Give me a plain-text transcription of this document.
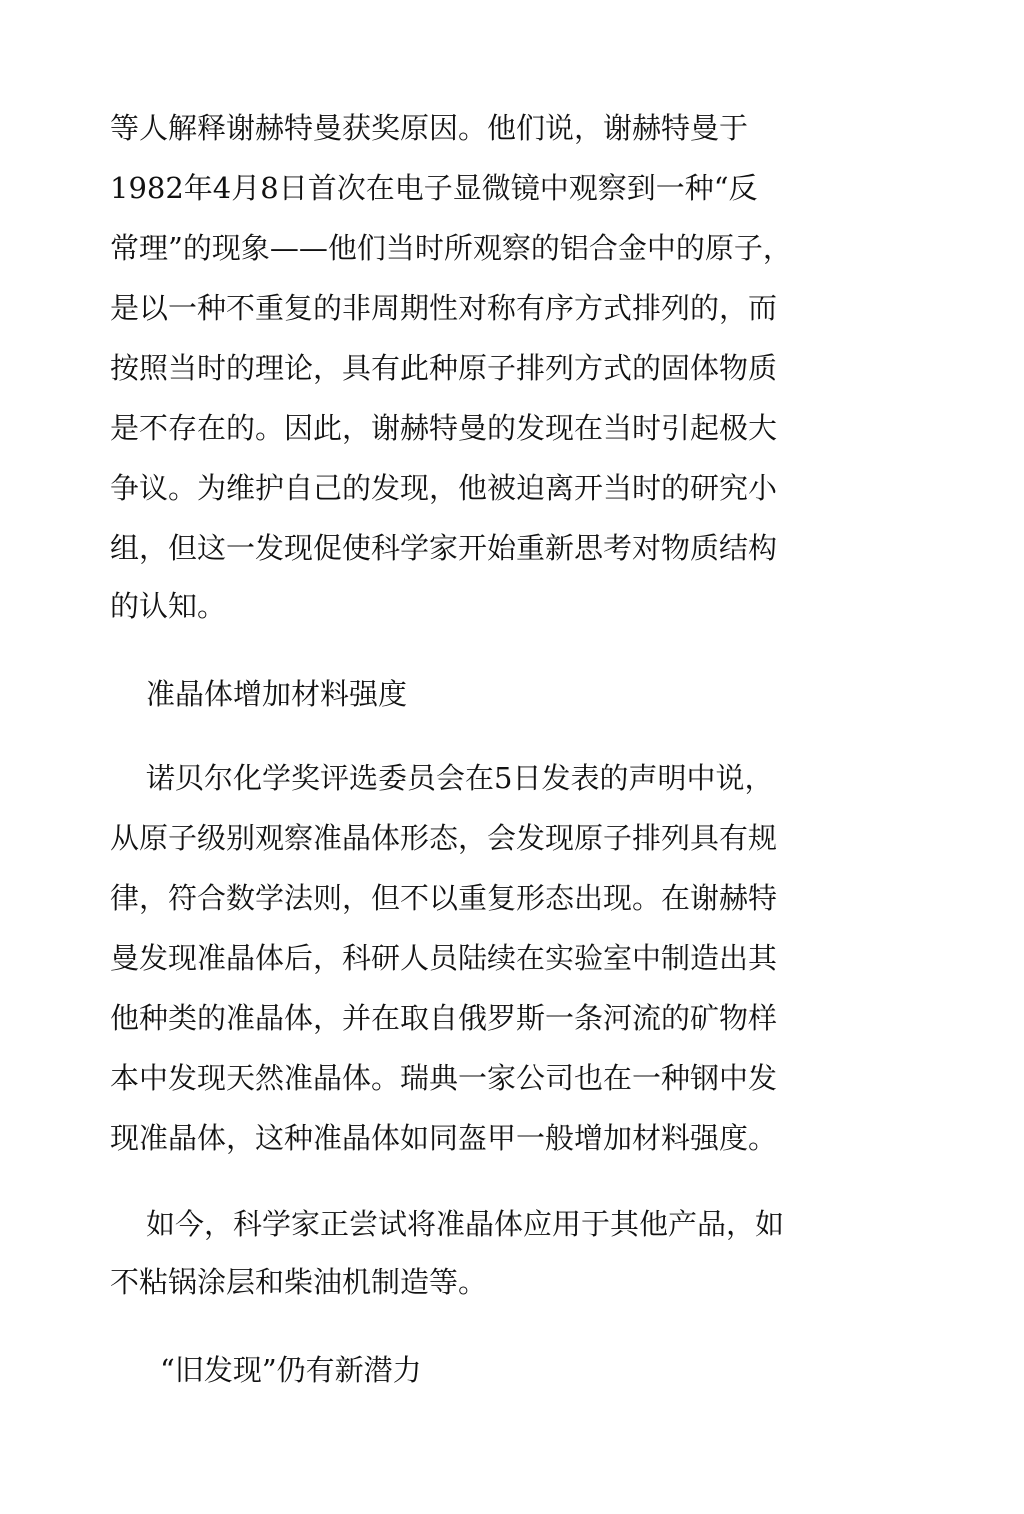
等人解释谢赫特曼获奖原因。他们说，谢赫特曼于
1982年4月8日首次在电子显微镜中观察到一种“反
常理”的现象——他们当时所观察的铝合金中的原子，
是以一种不重复的非周期性对称有序方式排列的，而
按照当时的理论，具有此种原子排列方式的固体物质
是不存在的。因此，谢赫特曼的发现在当时引起极大
争议。为维护自己的发现，他被迫离开当时的研究小
组，但这一发现促使科学家开始重新思考对物质结构
的认知。
准晶体增加材料强度
诺贝尔化学奖评选委员会在5日发表的声明中说，
从原子级别观察准晶体形态，会发现原子排列具有规
律，符合数学法则，但不以重复形态出现。在谢赫特
曼发现准晶体后，科研人员陆续在实验室中制造出其
他种类的准晶体，并在取自俄罗斯一条河流的矿物样
本中发现天然准晶体。瑞典一家公司也在一种钢中发
现准晶体，这种准晶体如同盔甲一般增加材料强度。
如今，科学家正尝试将准晶体应用于其他产品，如
不粘锅涂层和柴油机制造等。
“旧发现”仍有新潜力
